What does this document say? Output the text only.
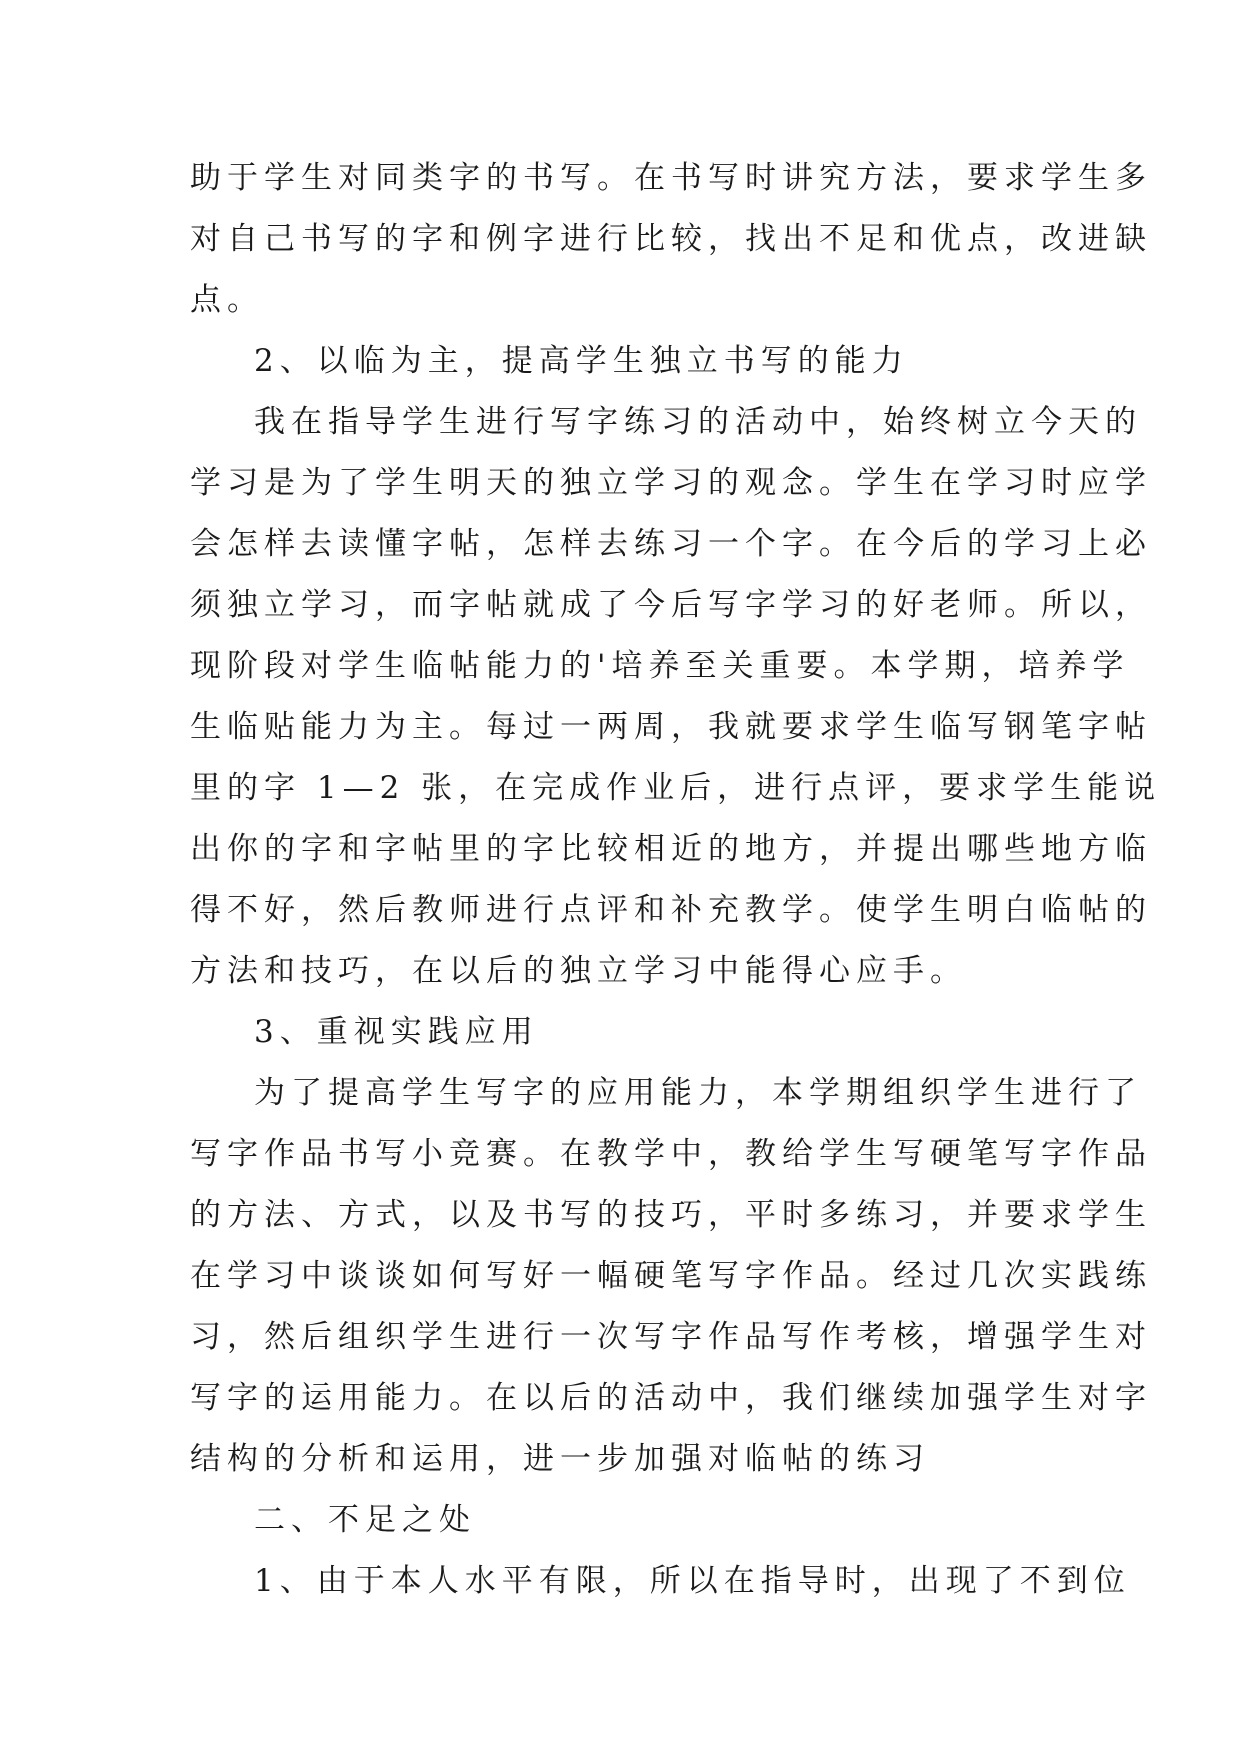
助于学生对同类字的书写。在书写时讲究方法，要求学生多
对自己书写的字和例字进行比较，找出不足和优点，改进缺
点。
2、以临为主，提高学生独立书写的能力
我在指导学生进行写字练习的活动中，始终树立今天的
学习是为了学生明天的独立学习的观念。学生在学习时应学
会怎样去读懂字帖，怎样去练习一个字。在今后的学习上必
须独立学习，而字帖就成了今后写字学习的好老师。所以，
现阶段对学生临帖能力的'培养至关重要。本学期，培养学
生临贴能力为主。每过一两周，我就要求学生临写钢笔字帖
里的字 1—2 张，在完成作业后，进行点评，要求学生能说
出你的字和字帖里的字比较相近的地方，并提出哪些地方临
得不好，然后教师进行点评和补充教学。使学生明白临帖的
方法和技巧，在以后的独立学习中能得心应手。
3、重视实践应用
为了提高学生写字的应用能力，本学期组织学生进行了
写字作品书写小竞赛。在教学中，教给学生写硬笔写字作品
的方法、方式，以及书写的技巧，平时多练习，并要求学生
在学习中谈谈如何写好一幅硬笔写字作品。经过几次实践练
习，然后组织学生进行一次写字作品写作考核，增强学生对
写字的运用能力。在以后的活动中，我们继续加强学生对字
结构的分析和运用，进一步加强对临帖的练习
二、不足之处
1、由于本人水平有限，所以在指导时，出现了不到位
